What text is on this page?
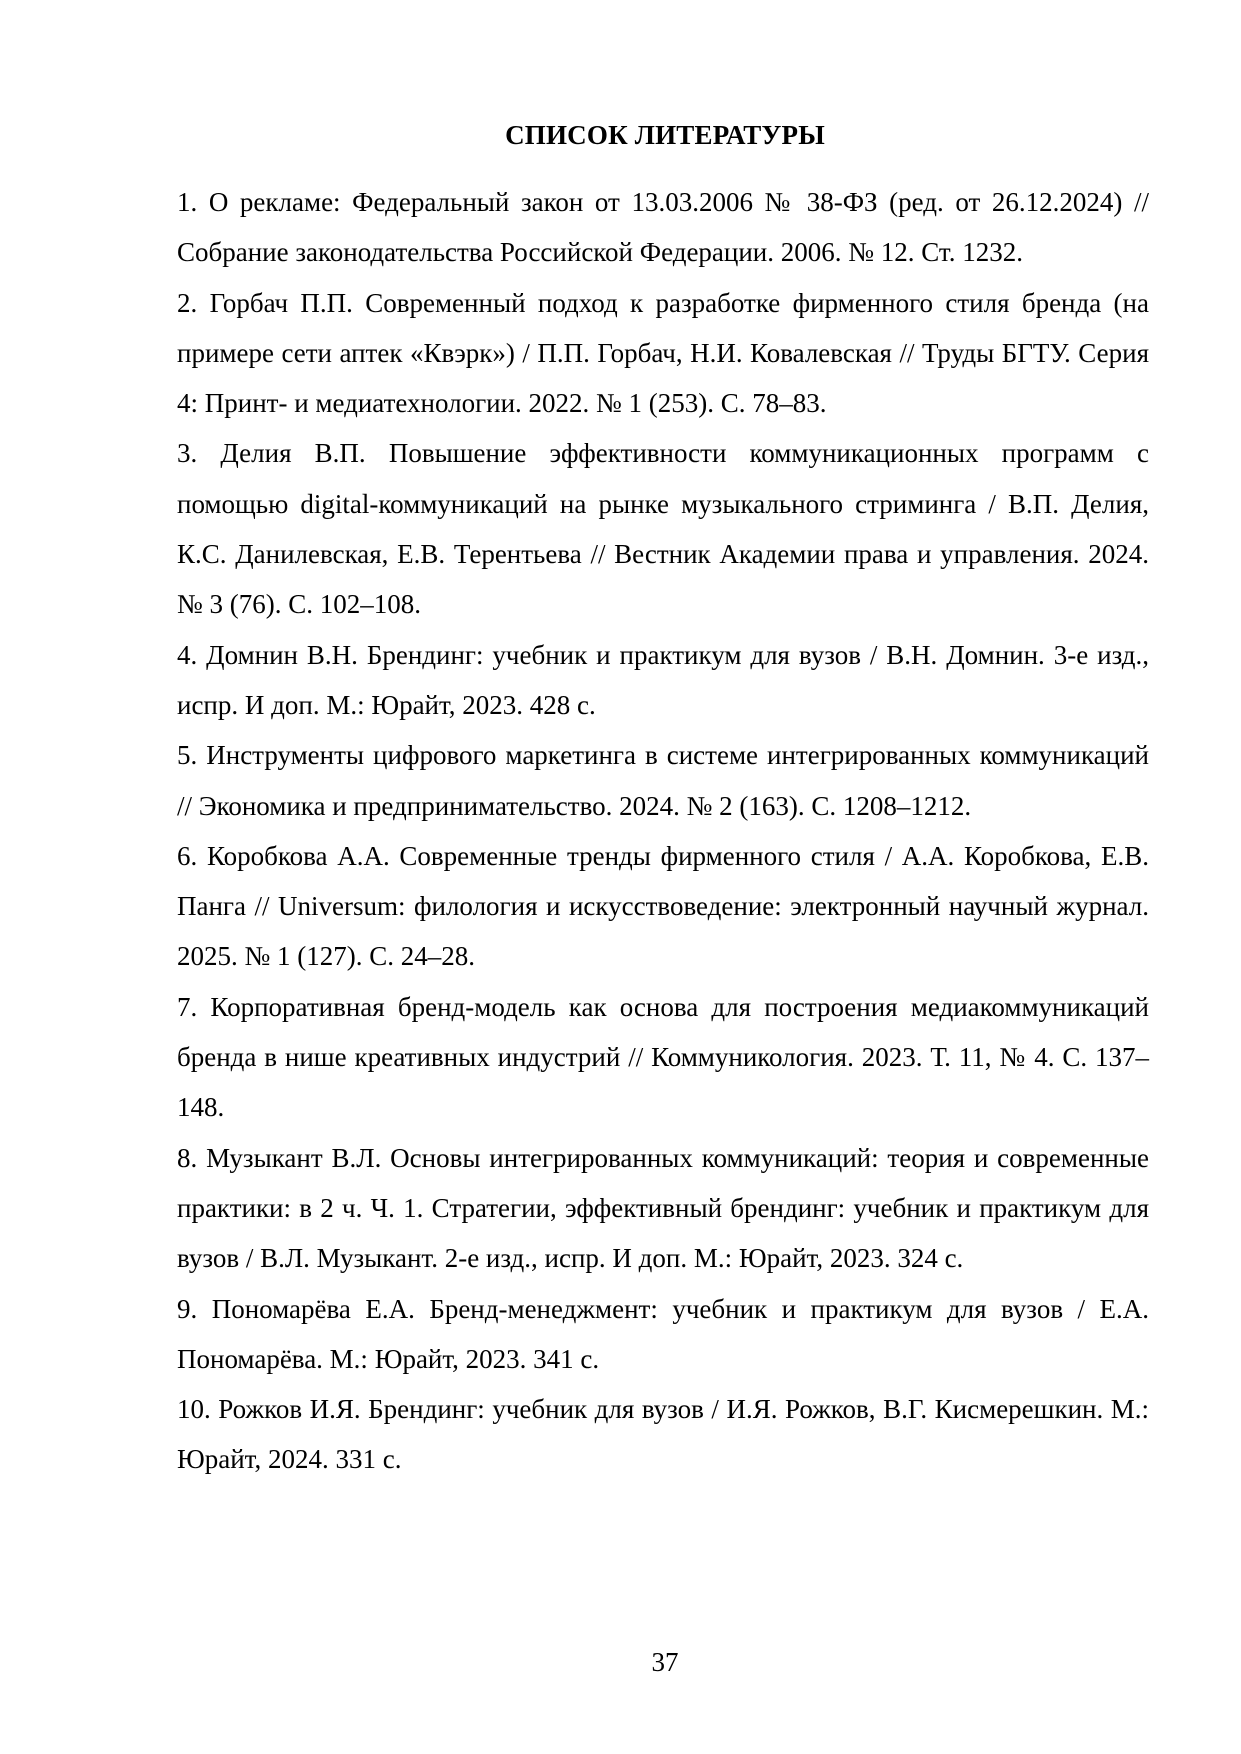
СПИСОК ЛИТЕРАТУРЫ

1. О рекламе: Федеральный закон от 13.03.2006 № 38-ФЗ (ред. от 26.12.2024) // Собрание законодательства Российской Федерации. 2006. № 12. Ст. 1232.

2. Горбач П.П. Современный подход к разработке фирменного стиля бренда (на примере сети аптек «Квэрк») / П.П. Горбач, Н.И. Ковалевская // Труды БГТУ. Серия 4: Принт- и медиатехнологии. 2022. № 1 (253). С. 78–83.

3. Делия В.П. Повышение эффективности коммуникационных программ с помощью digital-коммуникаций на рынке музыкального стриминга / В.П. Делия, К.С. Данилевская, Е.В. Терентьева // Вестник Академии права и управления. 2024. № 3 (76). С. 102–108.

4. Домнин В.Н. Брендинг: учебник и практикум для вузов / В.Н. Домнин. 3-е изд., испр. И доп. М.: Юрайт, 2023. 428 с.

5. Инструменты цифрового маркетинга в системе интегрированных коммуникаций // Экономика и предпринимательство. 2024. № 2 (163). С. 1208–1212.

6. Коробкова А.А. Современные тренды фирменного стиля / А.А. Коробкова, Е.В. Панга // Universum: филология и искусствоведение: электронный научный журнал. 2025. № 1 (127). С. 24–28.

7. Корпоративная бренд-модель как основа для построения медиакоммуникаций бренда в нише креативных индустрий // Коммуникология. 2023. Т. 11, № 4. С. 137–148.

8. Музыкант В.Л. Основы интегрированных коммуникаций: теория и современные практики: в 2 ч. Ч. 1. Стратегии, эффективный брендинг: учебник и практикум для вузов / В.Л. Музыкант. 2-е изд., испр. И доп. М.: Юрайт, 2023. 324 с.

9. Пономарёва Е.А. Бренд-менеджмент: учебник и практикум для вузов / Е.А. Пономарёва. М.: Юрайт, 2023. 341 с.

10. Рожков И.Я. Брендинг: учебник для вузов / И.Я. Рожков, В.Г. Кисмерешкин. М.: Юрайт, 2024. 331 с.

37
